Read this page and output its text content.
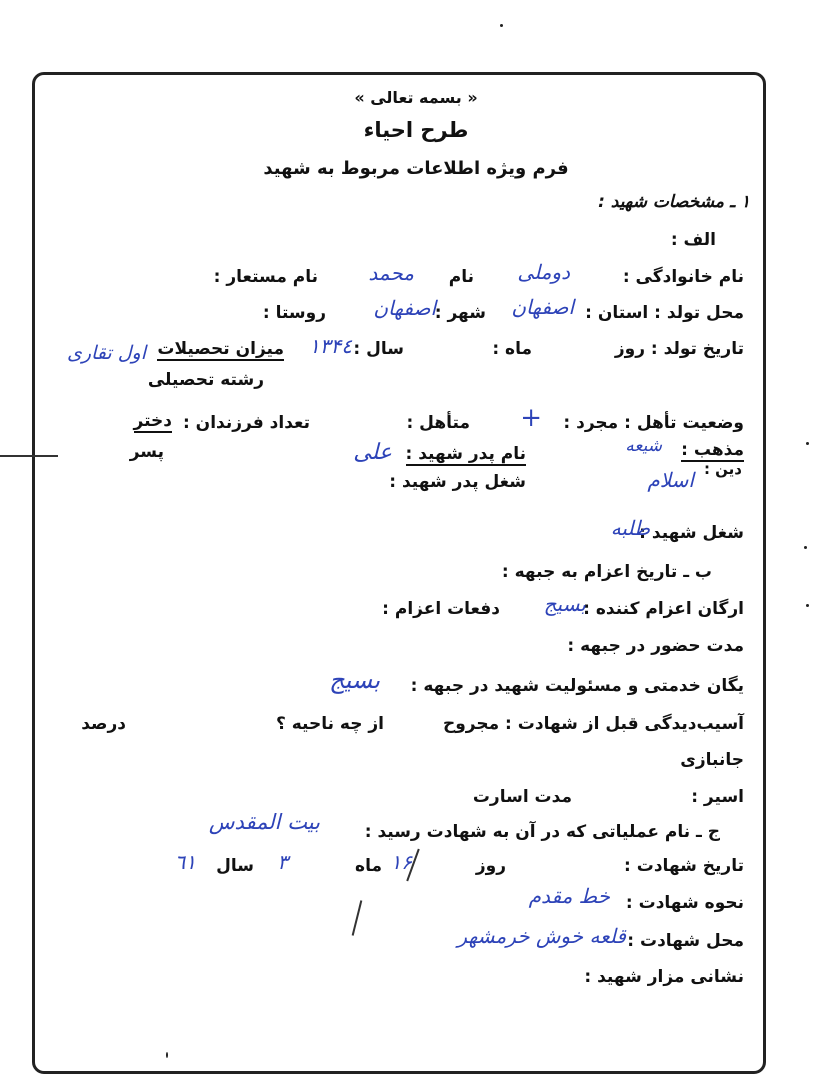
« بسمه تعالی »
طرح احیاء
فرم ویژه اطلاعات مربوط به شهید
۱ ـ مشخصات شهید :
الف :
نام خانوادگی :
دوملی
نام
محمد
نام مستعار :
محل تولد : استان :
اصفهان
شهر :
اصفهان
روستا :
تاریخ تولد : روز
ماه :
سال :
۱۳۴٤
میزان تحصیلات
اول تقاری
رشته تحصیلی
وضعیت تأهل : مجرد :
+
متأهل :
تعداد فرزندان :
دختر
پسر	مذهب :
شیعه
نام پدر شهید :
علی
دین :
اسلام
شغل پدر شهید :
شغل شهید :
طلبه
ب ـ تاریخ اعزام به جبهه :
ارگان اعزام کننده :
بسیج
دفعات اعزام :
مدت حضور در جبهه :
یگان خدمتی و مسئولیت شهید در جبهه :
بسیج
آسیب‌دیدگی قبل از شهادت : مجروح
از چه ناحیه ؟
درصد
جانبازی
اسیر :
مدت اسارت
ج ـ نام عملیاتی که در آن به شهادت رسید :
بیت المقدس
تاریخ شهادت :
روز
۱۶
ماه
۳
سال
٦۱
نحوه شهادت :
خط مقدم
محل شهادت :
قلعه خوش خرمشهر
نشانی مزار شهید :
